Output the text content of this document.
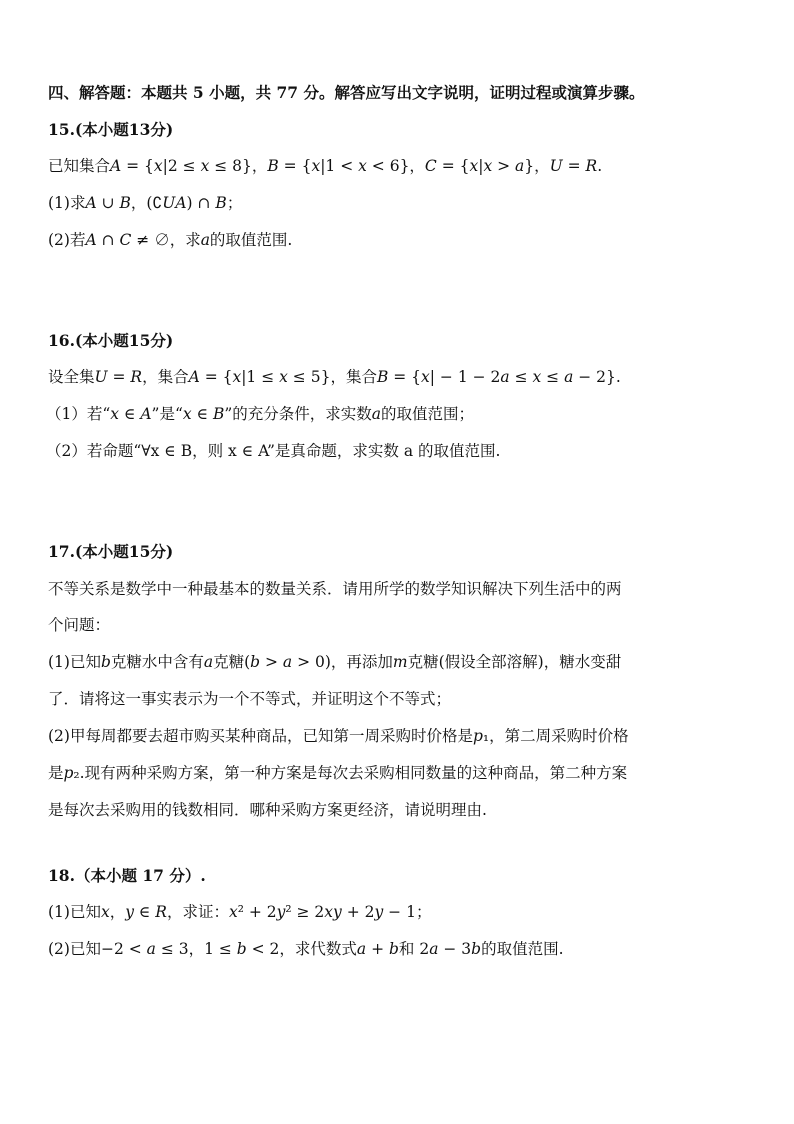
四、解答题：本题共 5 小题，共 77 分。解答应写出文字说明，证明过程或演算步骤。
15.(本小题13分)
已知集合𝐴 = {𝑥|2 ≤ 𝑥 ≤ 8}，𝐵 = {𝑥|1 < 𝑥 < 6}，𝐶 = {𝑥|𝑥 > 𝑎}，𝑈 = 𝑅.
(1)求𝐴 ∪ 𝐵，(∁𝑈𝐴) ∩ 𝐵；
(2)若𝐴 ∩ 𝐶 ≠ ∅，求𝑎的取值范围.
16.(本小题15分)
设全集𝑈 = 𝑅，集合𝐴 = {𝑥|1 ≤ 𝑥 ≤ 5}，集合𝐵 = {𝑥| − 1 − 2𝑎 ≤ 𝑥 ≤ 𝑎 − 2}.
（1）若“𝑥 ∈ 𝐴”是“𝑥 ∈ 𝐵”的充分条件，求实数𝑎的取值范围；
（2）若命题“∀x ∈ B，则 x ∈ A”是真命题，求实数 a 的取值范围.
17.(本小题15分)
不等关系是数学中一种最基本的数量关系．请用所学的数学知识解决下列生活中的两
个问题：
(1)已知𝑏克糖水中含有𝑎克糖(𝑏 > 𝑎 > 0)，再添加𝑚克糖(假设全部溶解)，糖水变甜
了．请将这一事实表示为一个不等式，并证明这个不等式；
(2)甲每周都要去超市购买某种商品，已知第一周采购时价格是𝑝₁，第二周采购时价格
是𝑝₂.现有两种采购方案，第一种方案是每次去采购相同数量的这种商品，第二种方案
是每次去采购用的钱数相同．哪种采购方案更经济，请说明理由.
18.（本小题 17 分）.
(1)已知𝑥，𝑦 ∈ 𝑅，求证：𝑥² + 2𝑦² ≥ 2𝑥𝑦 + 2𝑦 − 1；
(2)已知−2 < 𝑎 ≤ 3，1 ≤ 𝑏 < 2，求代数式𝑎 + 𝑏和 2𝑎 − 3𝑏的取值范围.
